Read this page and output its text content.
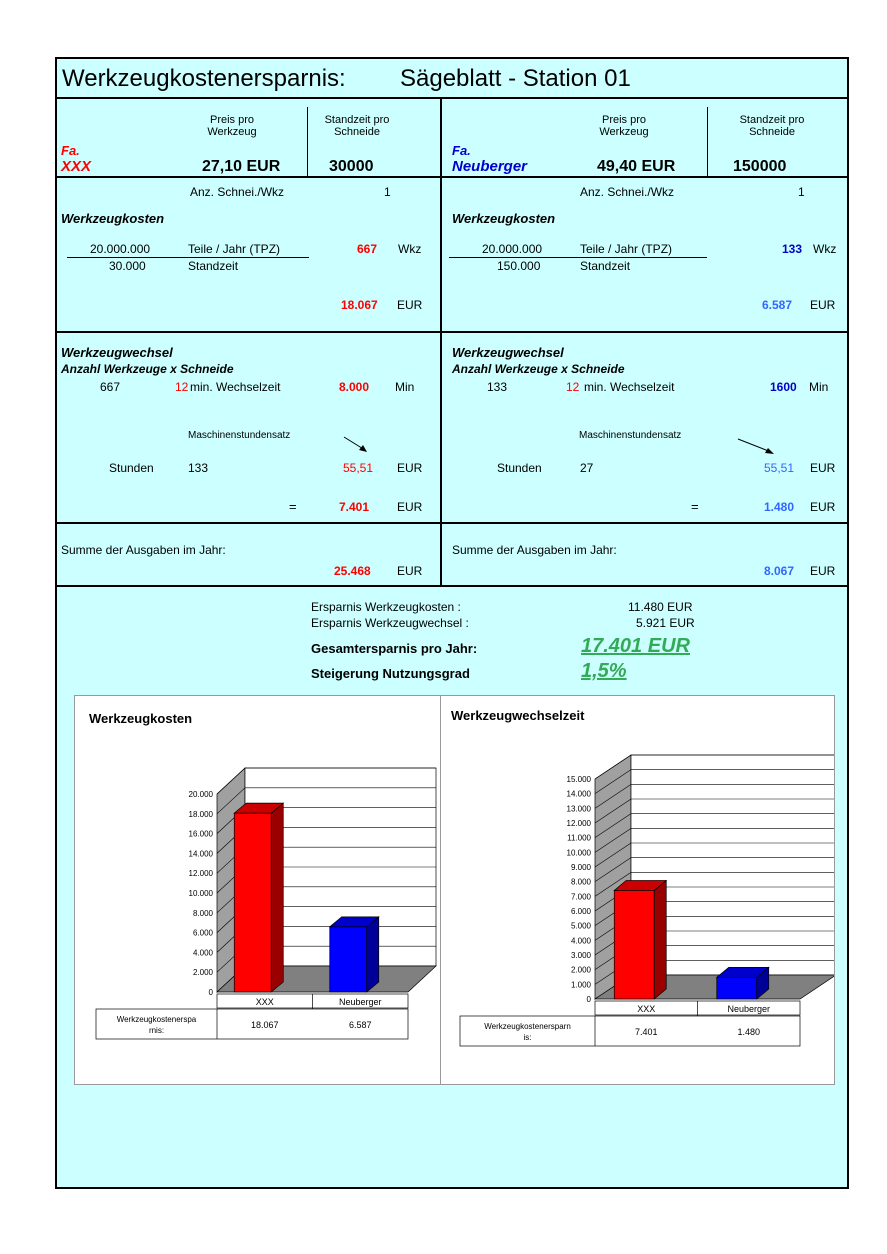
Werkzeugkostenersparnis: Sägeblatt - Station 01
Preis pro
Werkzeug
Standzeit pro
Schneide
Fa.
XXX	27,10 EUR	30000
Preis pro
Werkzeug
Standzeit pro
Schneide
Fa.
Neuberger	49,40 EUR	150000
Anz. Schnei./Wkz	1
Werkzeugkosten
20.000.000	Teile / Jahr (TPZ)
30.000	Standzeit
667 Wkz
18.067 EUR
Anz. Schnei./Wkz	1
Werkzeugkosten
20.000.000	Teile / Jahr (TPZ)
150.000	Standzeit
133 Wkz
6.587 EUR
Werkzeugwechsel
Anzahl Werkzeuge x Schneide
667	12 min. Wechselzeit	8.000 Min
Maschinenstundensatz
Stunden	133	55,51 EUR
=	7.401 EUR
Werkzeugwechsel
Anzahl Werkzeuge x Schneide
133	12 min. Wechselzeit	1600 Min
Maschinenstundensatz
Stunden	27	55,51 EUR
=	1.480 EUR
Summe der Ausgaben im Jahr:
25.468 EUR
Summe der Ausgaben im Jahr:
8.067 EUR
Ersparnis Werkzeugkosten :	11.480 EUR
Ersparnis Werkzeugwechsel :	5.921 EUR
Gesamtersparnis pro Jahr:	17.401 EUR
Steigerung Nutzungsgrad	1,5%
Werkzeugkosten
0
2.000
4.000
6.000
8.000
10.000
12.000
14.000
16.000
18.000
20.000
XXX	Neuberger
Werkzeugkostenerspa
rnis:
18.067	6.587
Werkzeugwechselzeit
0
1.000
2.000
3.000
4.000
5.000
6.000
7.000
8.000
9.000
10.000
11.000
12.000
13.000
14.000
15.000
XXX	Neuberger
Werkzeugkostenersparn
is:
7.401	1.480
